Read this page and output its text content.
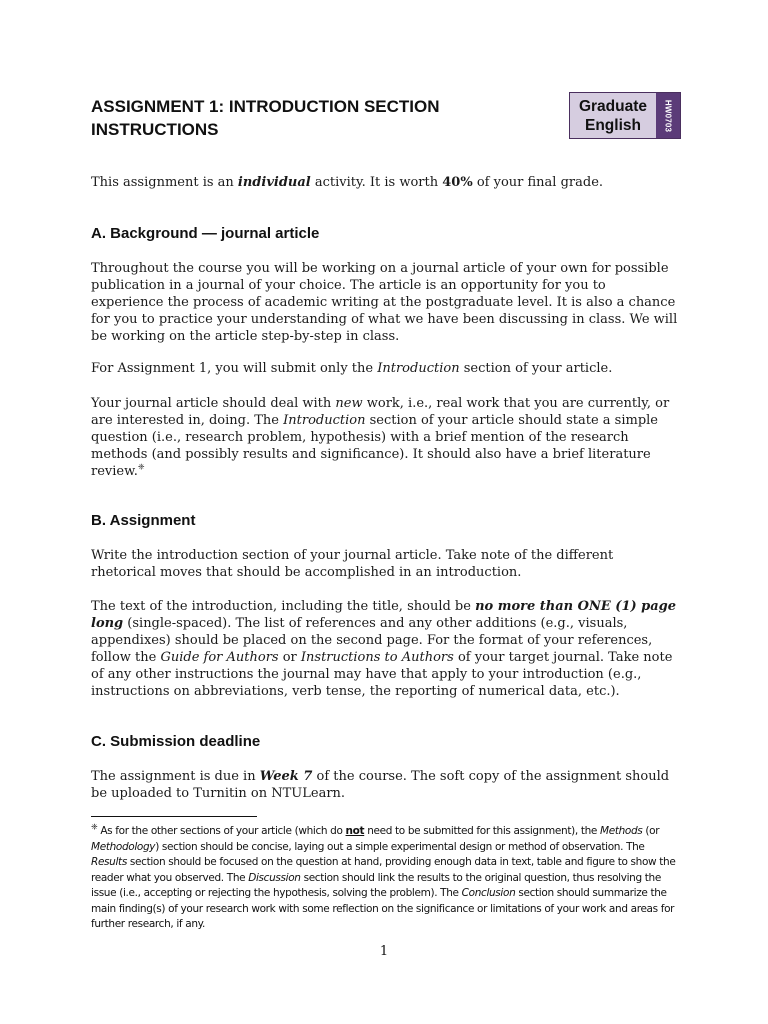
ASSIGNMENT 1: INTRODUCTION SECTION
INSTRUCTIONS
Graduate
English	HW0703

This assignment is an individual activity. It is worth 40% of your final grade.

A. Background — journal article

Throughout the course you will be working on a journal article of your own for possible publication in a journal of your choice. The article is an opportunity for you to experience the process of academic writing at the postgraduate level. It is also a chance for you to practice your understanding of what we have been discussing in class. We will be working on the article step-by-step in class.

For Assignment 1, you will submit only the Introduction section of your article.

Your journal article should deal with new work, i.e., real work that you are currently, or are interested in, doing. The Introduction section of your article should state a simple question (i.e., research problem, hypothesis) with a brief mention of the research methods (and possibly results and significance). It should also have a brief literature review.❈

B. Assignment

Write the introduction section of your journal article. Take note of the different rhetorical moves that should be accomplished in an introduction.

The text of the introduction, including the title, should be no more than ONE (1) page long (single-spaced). The list of references and any other additions (e.g., visuals, appendixes) should be placed on the second page. For the format of your references, follow the Guide for Authors or Instructions to Authors of your target journal. Take note of any other instructions the journal may have that apply to your introduction (e.g., instructions on abbreviations, verb tense, the reporting of numerical data, etc.).

C. Submission deadline

The assignment is due in Week 7 of the course. The soft copy of the assignment should be uploaded to Turnitin on NTULearn.

❈ As for the other sections of your article (which do not need to be submitted for this assignment), the Methods (or Methodology) section should be concise, laying out a simple experimental design or method of observation. The Results section should be focused on the question at hand, providing enough data in text, table and figure to show the reader what you observed. The Discussion section should link the results to the original question, thus resolving the issue (i.e., accepting or rejecting the hypothesis, solving the problem). The Conclusion section should summarize the main finding(s) of your research work with some reflection on the significance or limitations of your work and areas for further research, if any.
1
